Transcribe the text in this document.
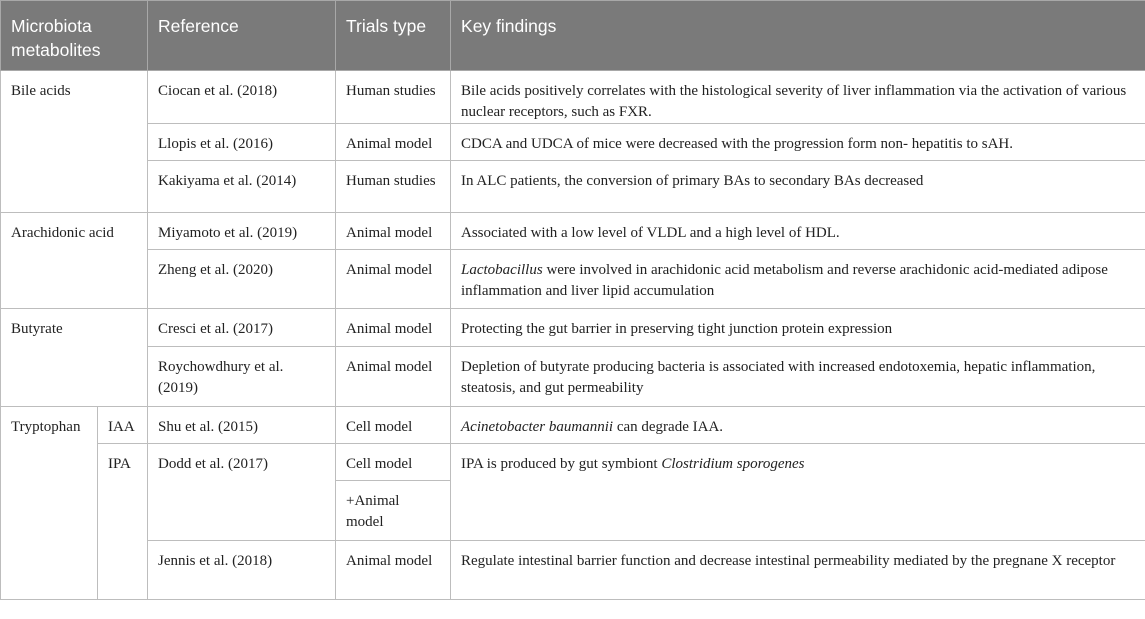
Microbiota metabolites		Reference	Trials type	Key findings
Bile acids		Ciocan et al. (2018)	Human studies	Bile acids positively correlates with the histological severity of liver inflammation via the activation of various nuclear receptors, such as FXR.
		Llopis et al. (2016)	Animal model	CDCA and UDCA of mice were decreased with the progression form non- hepatitis to sAH.
		Kakiyama et al. (2014)	Human studies	In ALC patients, the conversion of primary BAs to secondary BAs decreased
Arachidonic acid		Miyamoto et al. (2019)	Animal model	Associated with a low level of VLDL and a high level of HDL.
		Zheng et al. (2020)	Animal model	Lactobacillus were involved in arachidonic acid metabolism and reverse arachidonic acid-mediated adipose inflammation and liver lipid accumulation
Butyrate		Cresci et al. (2017)	Animal model	Protecting the gut barrier in preserving tight junction protein expression
		Roychowdhury et al. (2019)	Animal model	Depletion of butyrate producing bacteria is associated with increased endotoxemia, hepatic inflammation, steatosis, and gut permeability
Tryptophan	IAA	Shu et al. (2015)	Cell model	Acinetobacter baumannii can degrade IAA.
	IPA	Dodd et al. (2017)	Cell model	IPA is produced by gut symbiont Clostridium sporogenes
			+Animal model	
		Jennis et al. (2018)	Animal model	Regulate intestinal barrier function and decrease intestinal permeability mediated by the pregnane X receptor
